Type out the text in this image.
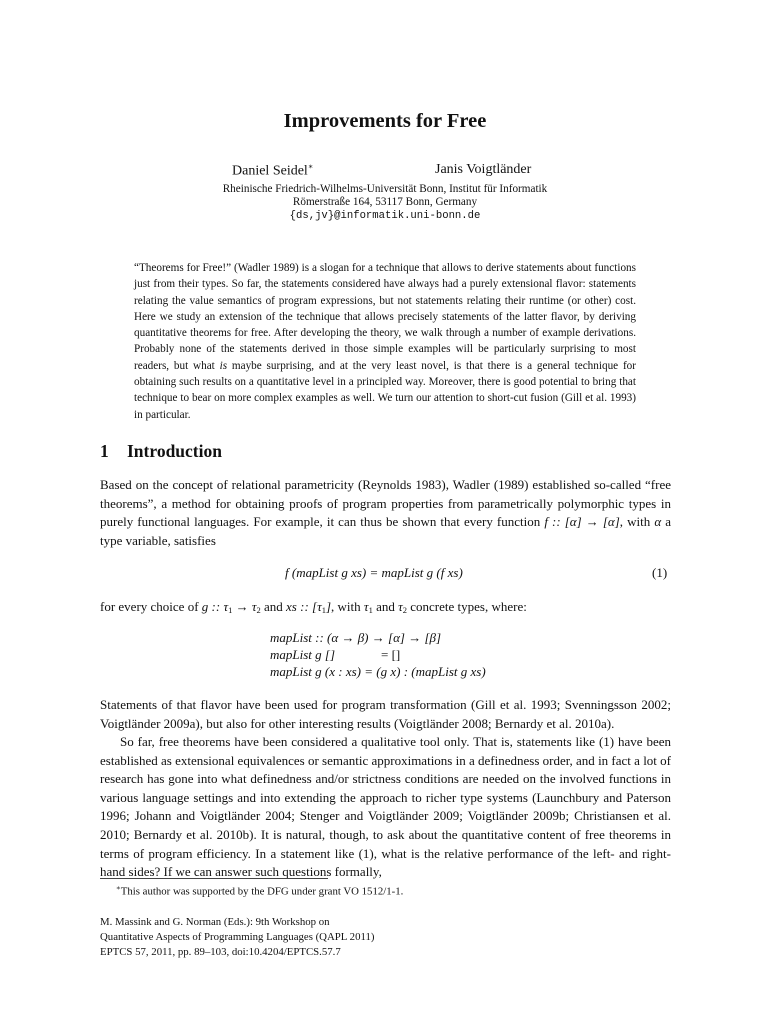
Improvements for Free
Daniel Seidel∗	Janis Voigtländer
Rheinische Friedrich-Wilhelms-Universität Bonn, Institut für Informatik
Römerstraße 164, 53117 Bonn, Germany
{ds,jv}@informatik.uni-bonn.de
“Theorems for Free!” (Wadler 1989) is a slogan for a technique that allows to derive statements about functions just from their types. So far, the statements considered have always had a purely extensional flavor: statements relating the value semantics of program expressions, but not statements relating their runtime (or other) cost. Here we study an extension of the technique that allows precisely statements of the latter flavor, by deriving quantitative theorems for free. After developing the theory, we walk through a number of example derivations. Probably none of the statements derived in those simple examples will be particularly surprising to most readers, but what is maybe surprising, and at the very least novel, is that there is a general technique for obtaining such results on a quantitative level in a principled way. Moreover, there is good potential to bring that technique to bear on more complex examples as well. We turn our attention to short-cut fusion (Gill et al. 1993) in particular.
1 Introduction
Based on the concept of relational parametricity (Reynolds 1983), Wadler (1989) established so-called “free theorems”, a method for obtaining proofs of program properties from parametrically polymorphic types in purely functional languages. For example, it can thus be shown that every function f :: [α] → [α], with α a type variable, satisfies
f (mapList g xs) = mapList g (f xs)	(1)
for every choice of g :: τ1 → τ2 and xs :: [τ1], with τ1 and τ2 concrete types, where:
mapList :: (α → β) → [α] → [β]
mapList g []	= []
mapList g (x : xs) = (g x) : (mapList g xs)
Statements of that flavor have been used for program transformation (Gill et al. 1993; Svenningsson 2002; Voigtländer 2009a), but also for other interesting results (Voigtländer 2008; Bernardy et al. 2010a).
So far, free theorems have been considered a qualitative tool only. That is, statements like (1) have been established as extensional equivalences or semantic approximations in a definedness order, and in fact a lot of research has gone into what definedness and/or strictness conditions are needed on the involved functions in various language settings and into extending the approach to richer type systems (Launchbury and Paterson 1996; Johann and Voigtländer 2004; Stenger and Voigtländer 2009; Voigtländer 2009b; Christiansen et al. 2010; Bernardy et al. 2010b). It is natural, though, to ask about the quantitative content of free theorems in terms of program efficiency. In a statement like (1), what is the relative performance of the left- and right-hand sides? If we can answer such questions formally,
∗This author was supported by the DFG under grant VO 1512/1-1.
M. Massink and G. Norman (Eds.): 9th Workshop on
Quantitative Aspects of Programming Languages (QAPL 2011)
EPTCS 57, 2011, pp. 89–103, doi:10.4204/EPTCS.57.7
